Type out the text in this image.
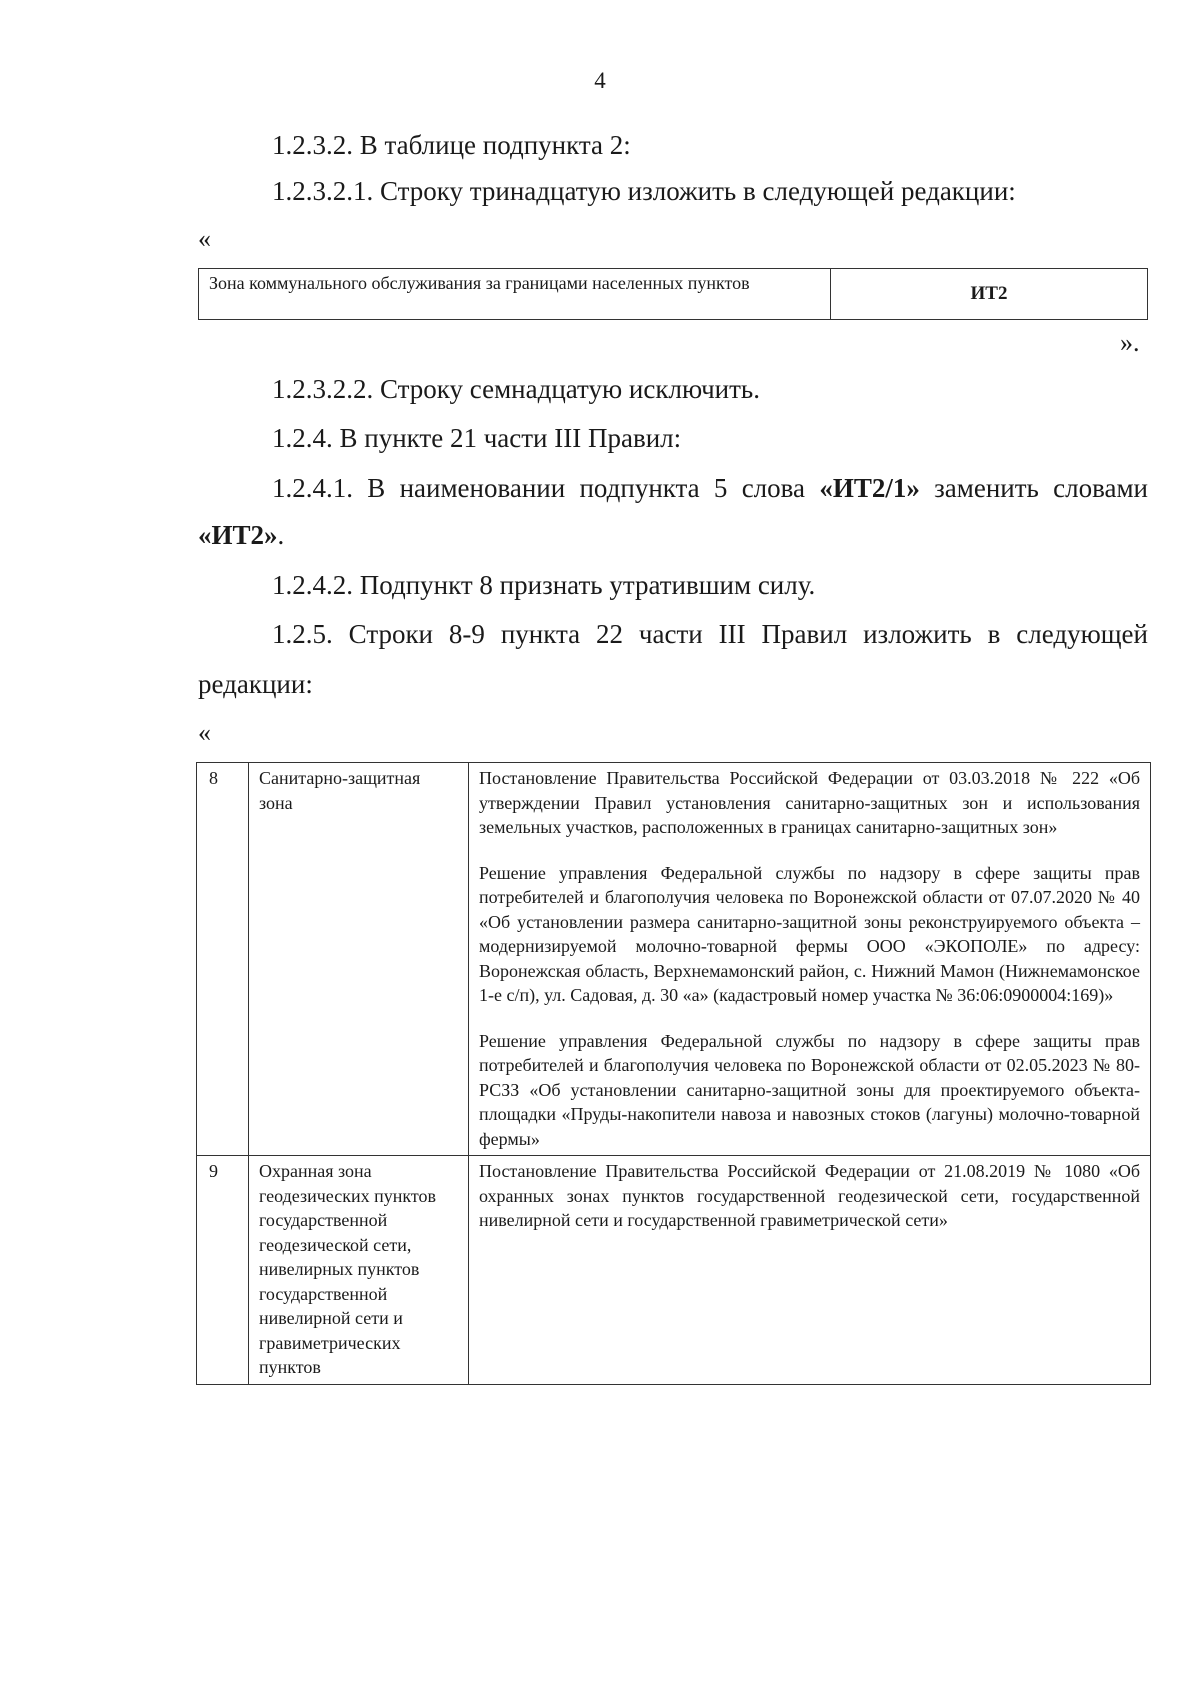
4
1.2.3.2. В таблице подпункта 2:
1.2.3.2.1. Строку тринадцатую изложить в следующей редакции:
«
Зона коммунального обслуживания за границами населенных пунктов	ИТ2
».
1.2.3.2.2. Строку семнадцатую исключить.
1.2.4. В пункте 21 части III Правил:
1.2.4.1. В наименовании подпункта 5 слова «ИТ2/1» заменить словами
«ИТ2».
1.2.4.2. Подпункт 8 признать утратившим силу.
1.2.5. Строки 8-9 пункта 22 части III Правил изложить в следующей
редакции:
«
8	Санитарно-защитная зона	Постановление Правительства Российской Федерации от 03.03.2018 № 222 «Об утверждении Правил установления санитарно-защитных зон и использования земельных участков, расположенных в границах санитарно-защитных зон»

Решение управления Федеральной службы по надзору в сфере защиты прав потребителей и благополучия человека по Воронежской области от 07.07.2020 № 40 «Об установлении размера санитарно-защитной зоны реконструируемого объекта – модернизируемой молочно-товарной фермы ООО «ЭКОПОЛЕ» по адресу: Воронежская область, Верхнемамонский район, с. Нижний Мамон (Нижнемамонское 1-е с/п), ул. Садовая, д. 30 «а» (кадастровый номер участка № 36:06:0900004:169)»

Решение управления Федеральной службы по надзору в сфере защиты прав потребителей и благополучия человека по Воронежской области от 02.05.2023 № 80-РСЗЗ «Об установлении санитарно-защитной зоны для проектируемого объекта-площадки «Пруды-накопители навоза и навозных стоков (лагуны) молочно-товарной фермы»

9	Охранная зона геодезических пунктов государственной геодезической сети, нивелирных пунктов государственной нивелирной сети и гравиметрических пунктов	Постановление Правительства Российской Федерации от 21.08.2019 № 1080 «Об охранных зонах пунктов государственной геодезической сети, государственной нивелирной сети и государственной гравиметрической сети»
